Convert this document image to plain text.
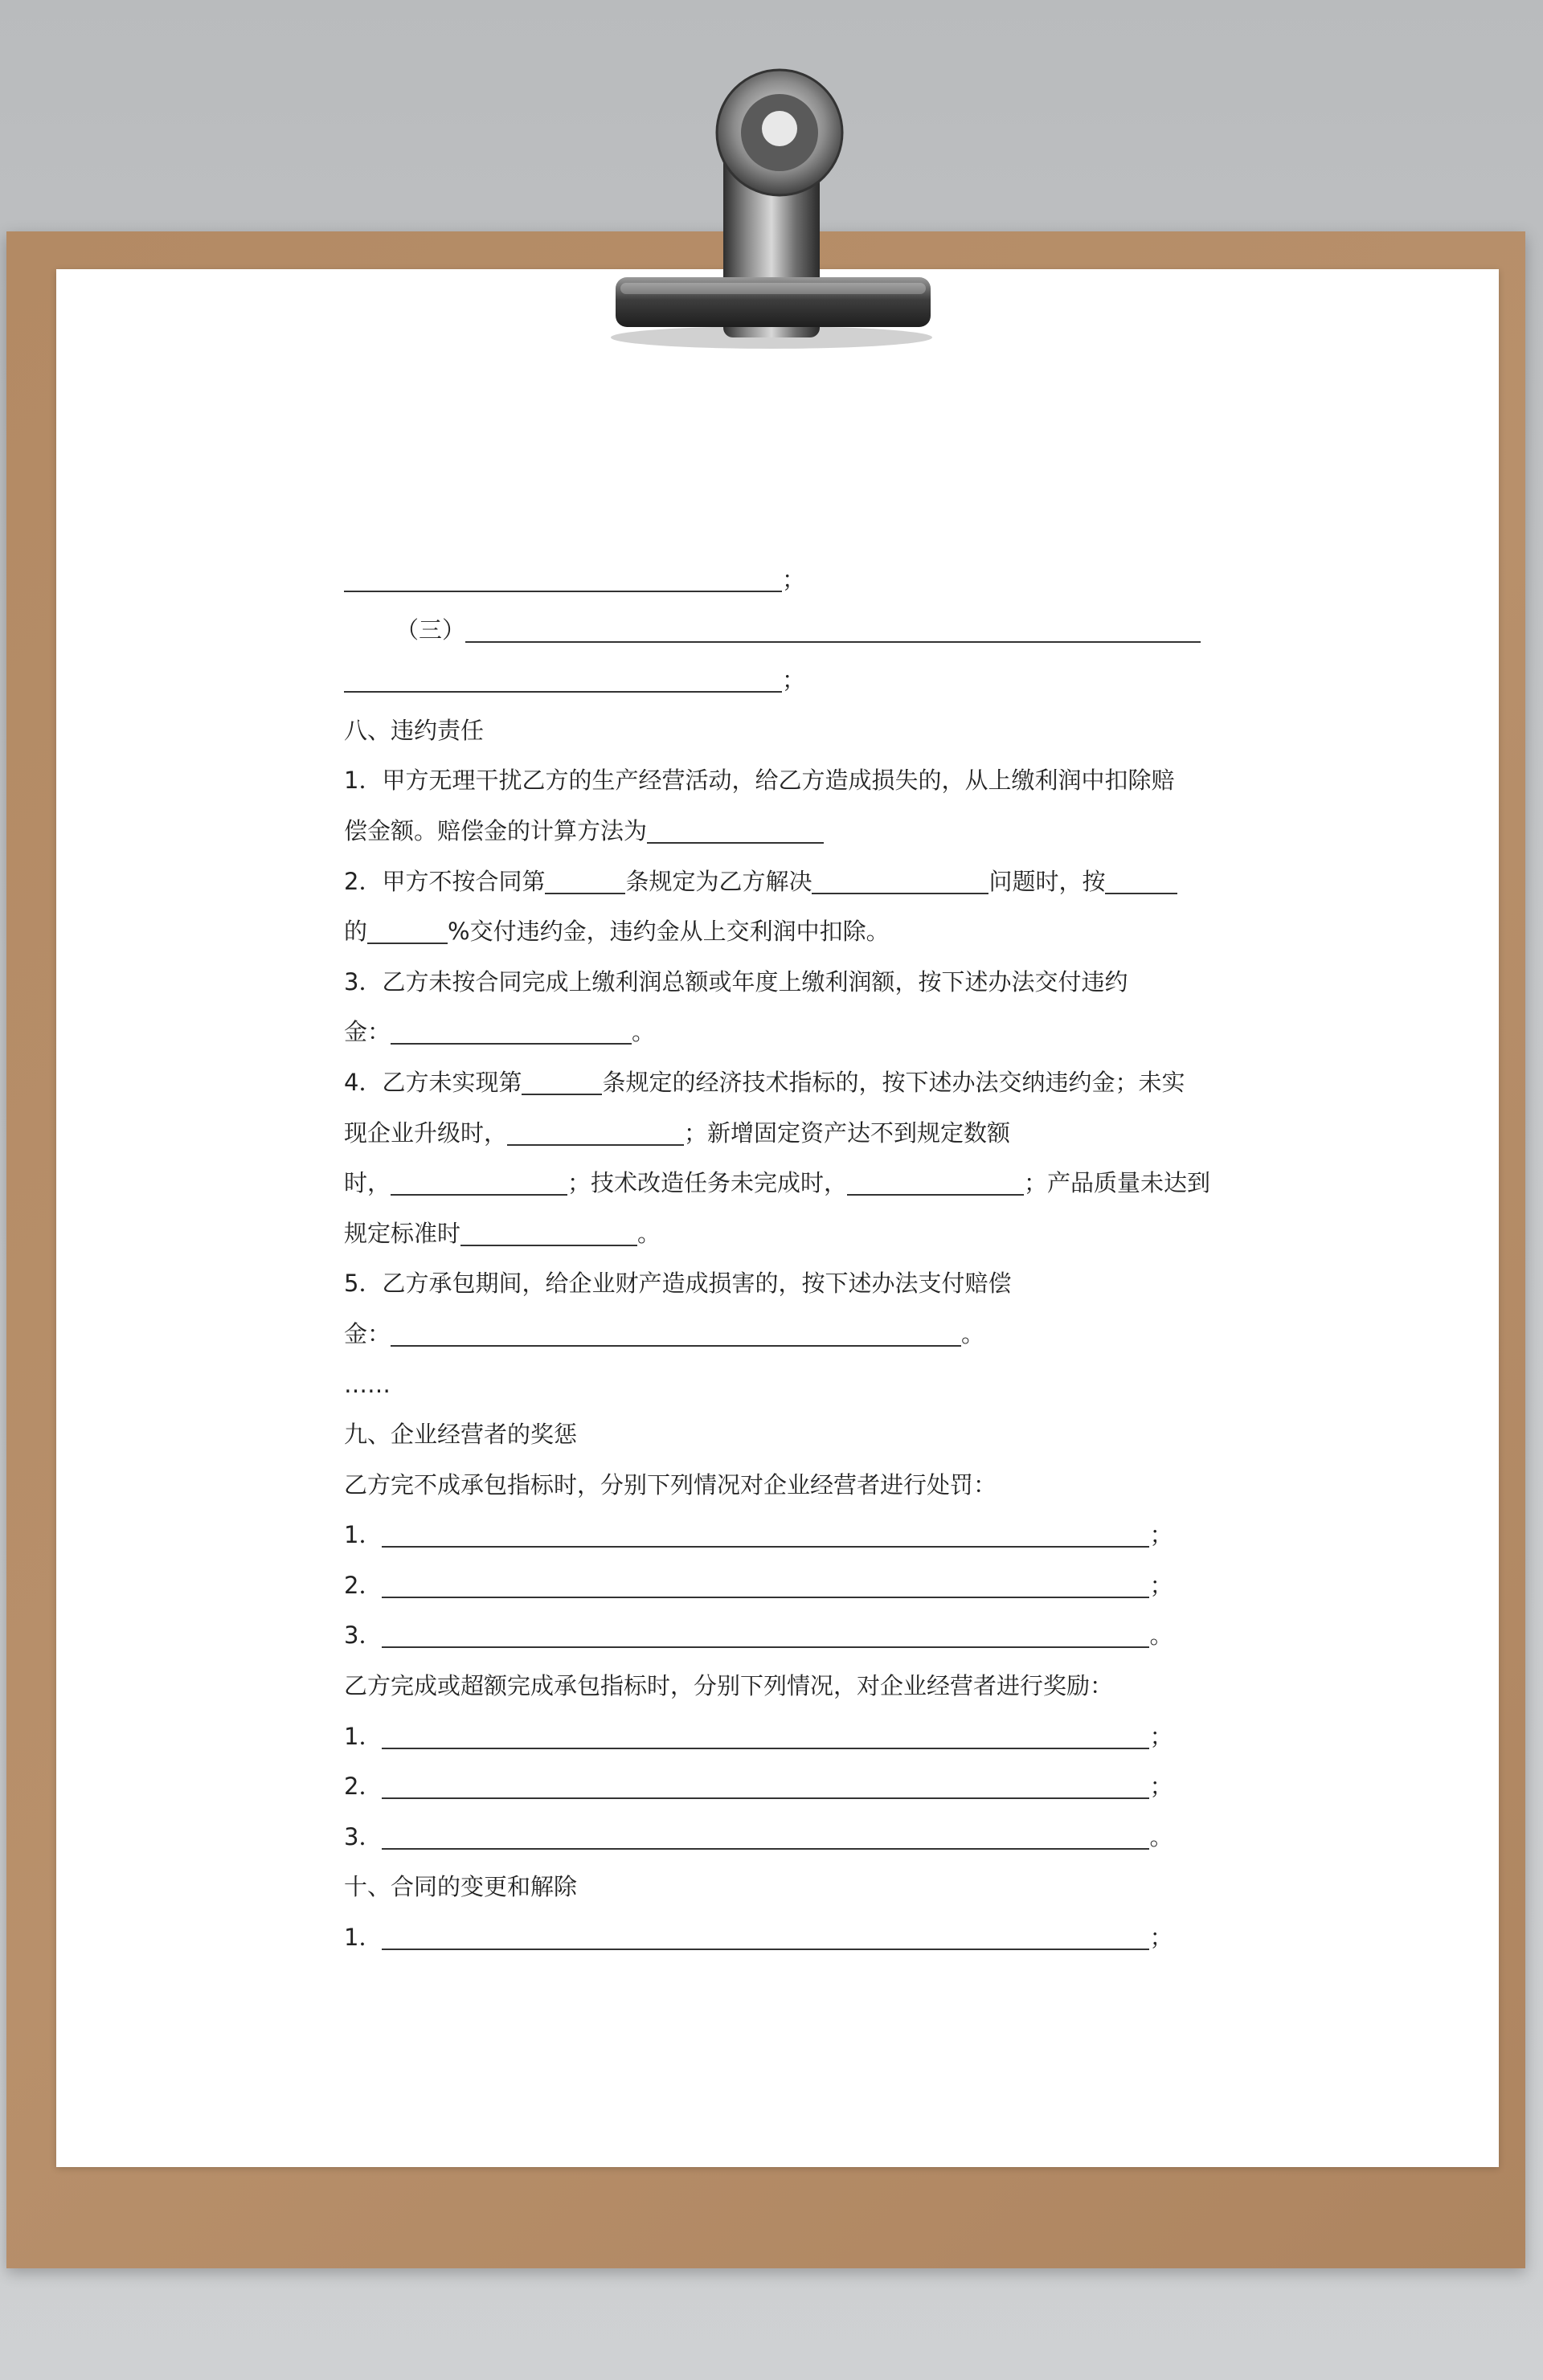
；
（三）
；
八、违约责任
1．甲方无理干扰乙方的生产经营活动，给乙方造成损失的，从上缴利润中扣除赔
偿金额。赔偿金的计算方法为
2．甲方不按合同第	条规定为乙方解决	问题时，按
的	%交付违约金，违约金从上交利润中扣除。
3．乙方未按合同完成上缴利润总额或年度上缴利润额，按下述办法交付违约
金：	。
4．乙方未实现第	条规定的经济技术指标的，按下述办法交纳违约金；未实
现企业升级时，	；新增固定资产达不到规定数额
时，	；技术改造任务未完成时，	；产品质量未达到
规定标准时	。
5．乙方承包期间，给企业财产造成损害的，按下述办法支付赔偿
金：	。
……
九、企业经营者的奖惩
乙方完不成承包指标时，分别下列情况对企业经营者进行处罚：
1．	；
2．	；
3．	。
乙方完成或超额完成承包指标时，分别下列情况，对企业经营者进行奖励：
1．	；
2．	；
3．	。
十、合同的变更和解除
1．	；
